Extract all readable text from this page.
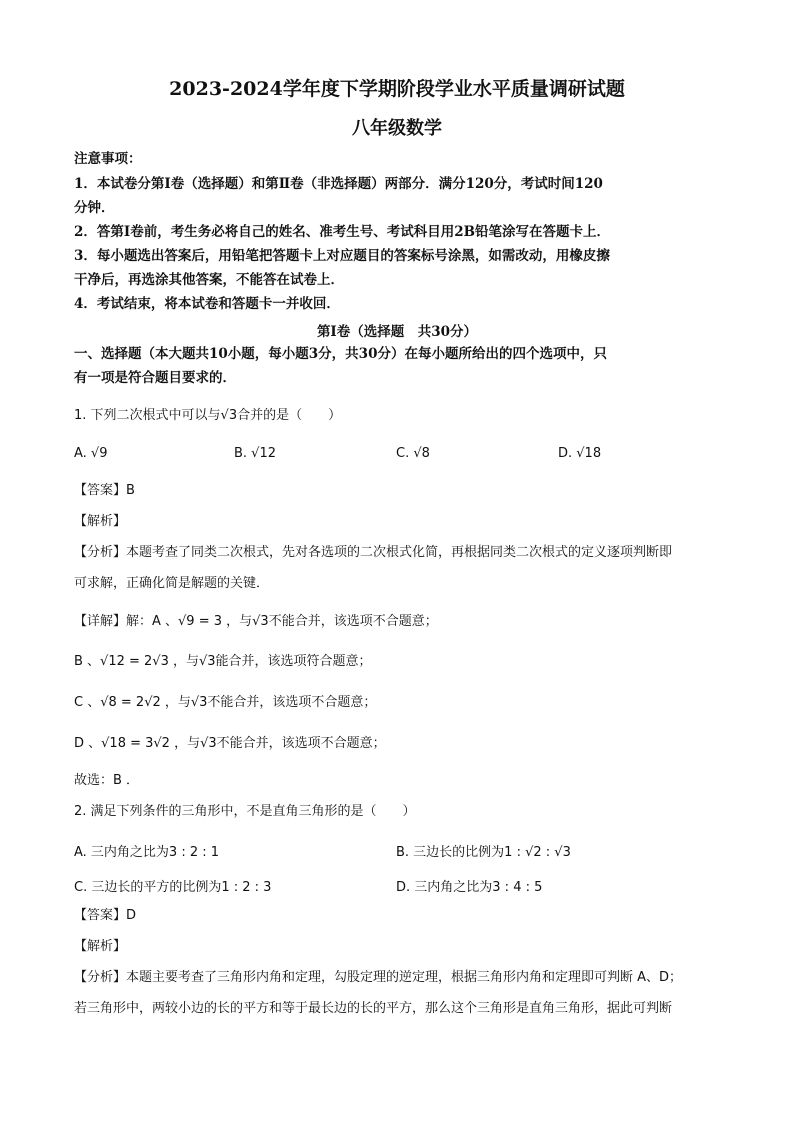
2023-2024学年度下学期阶段学业水平质量调研试题
八年级数学
注意事项：
1．本试卷分第Ⅰ卷（选择题）和第Ⅱ卷（非选择题）两部分．满分120分，考试时间120
分钟．
2．答第Ⅰ卷前，考生务必将自己的姓名、准考生号、考试科目用2B铅笔涂写在答题卡上．
3．每小题选出答案后，用铅笔把答题卡上对应题目的答案标号涂黑，如需改动，用橡皮擦
干净后，再选涂其他答案，不能答在试卷上．
4．考试结束，将本试卷和答题卡一并收回．
第Ⅰ卷（选择题　共30分）
一、选择题（本大题共10小题，每小题3分，共30分）在每小题所给出的四个选项中，只
有一项是符合题目要求的．
1. 下列二次根式中可以与√3合并的是（　　）
A. √9	B. √12	C. √8	D. √18
【答案】B
【解析】
【分析】本题考查了同类二次根式，先对各选项的二次根式化简，再根据同类二次根式的定义逐项判断即
可求解，正确化简是解题的关键．
【详解】解：A 、√9 = 3 ，与√3不能合并，该选项不合题意；
B 、√12 = 2√3 ，与√3能合并，该选项符合题意；
C 、√8 = 2√2 ，与√3不能合并，该选项不合题意；
D 、√18 = 3√2 ，与√3不能合并，该选项不合题意；
故选：B ．
2. 满足下列条件的三角形中，不是直角三角形的是（　　）
A. 三内角之比为3 : 2 : 1	B. 三边长的比例为1 : √2 : √3
C. 三边长的平方的比例为1 : 2 : 3	D. 三内角之比为3 : 4 : 5
【答案】D
【解析】
【分析】本题主要考查了三角形内角和定理，勾股定理的逆定理，根据三角形内角和定理即可判断 A、D；
若三角形中，两较小边的长的平方和等于最长边的长的平方，那么这个三角形是直角三角形，据此可判断
